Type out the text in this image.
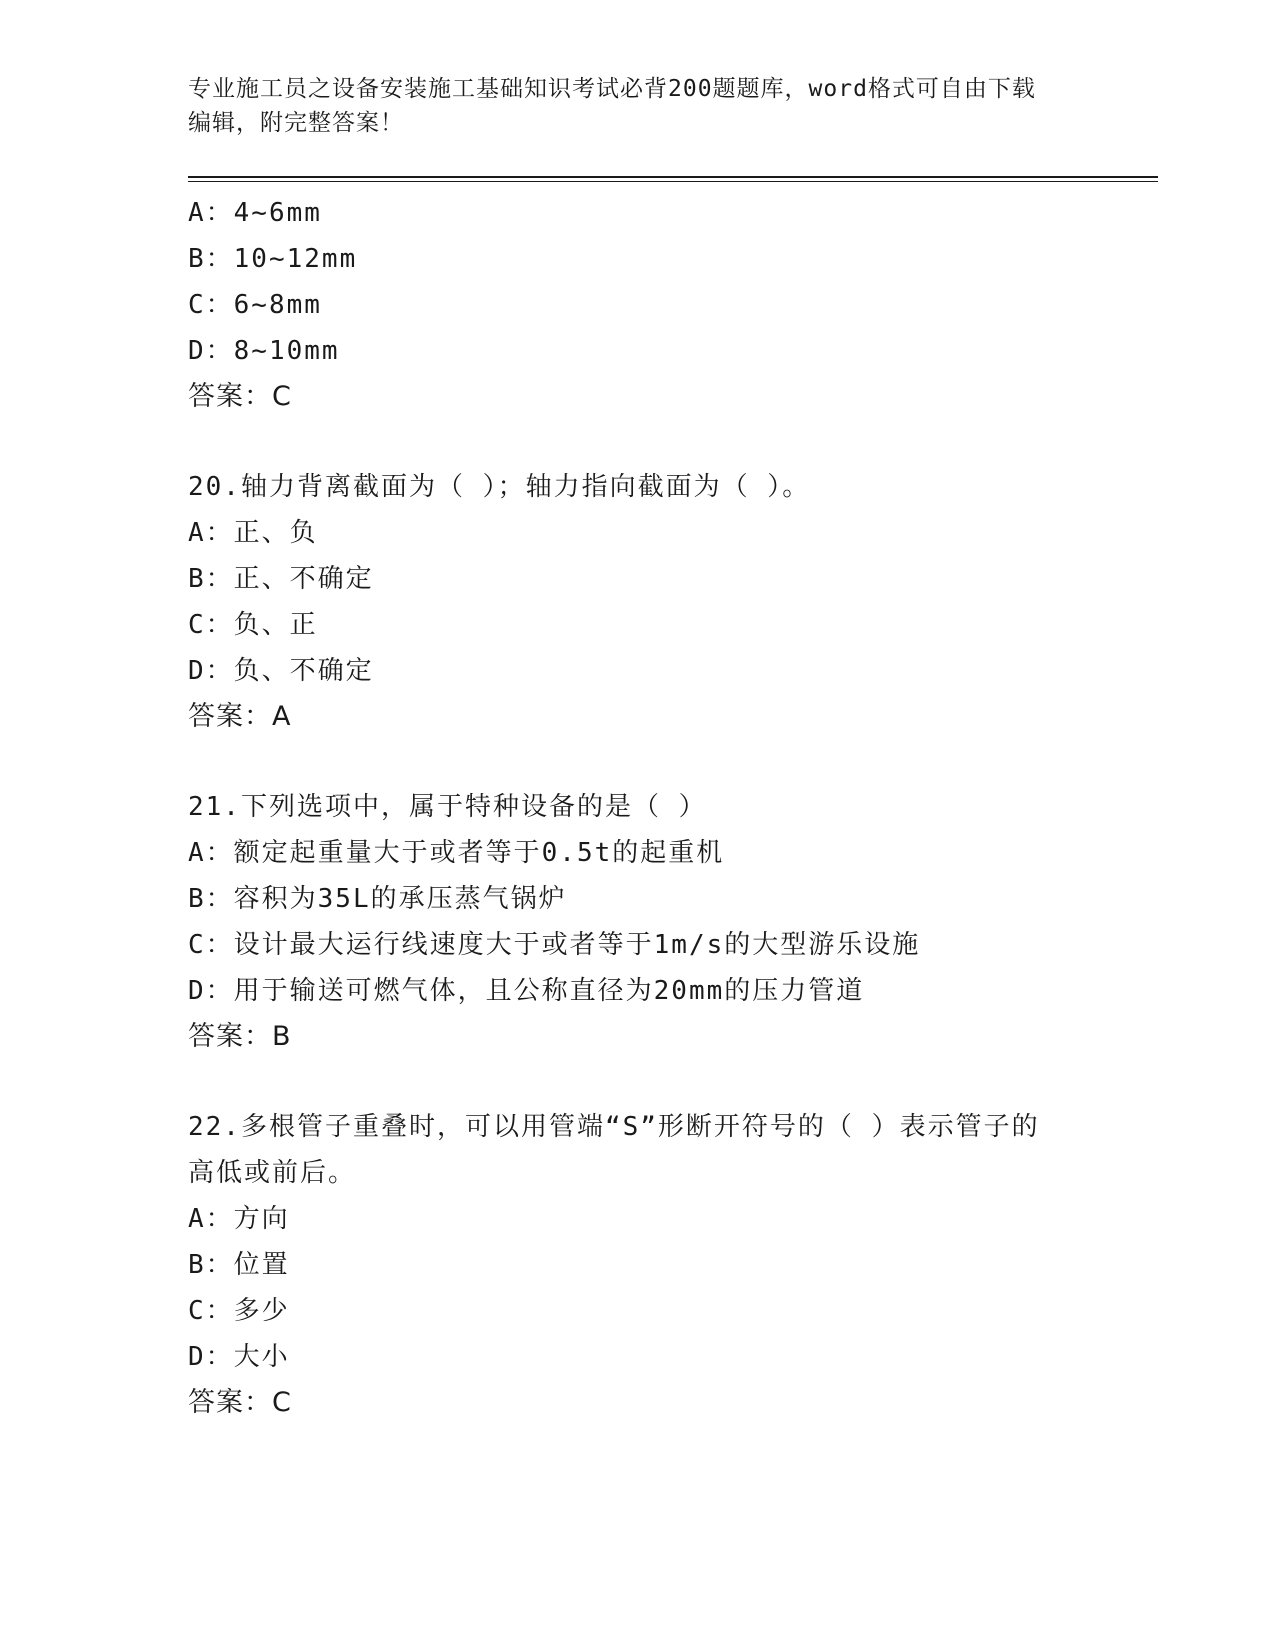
专业施工员之设备安装施工基础知识考试必背200题题库，word格式可自由下载
编辑，附完整答案！
A：4~6mm
B：10~12mm
C：6~8mm
D：8~10mm
答案：C
20.轴力背离截面为（ ）；轴力指向截面为（ ）。
A：正、负
B：正、不确定
C：负、正
D：负、不确定
答案：A
21.下列选项中，属于特种设备的是（ ）
A：额定起重量大于或者等于0.5t的起重机
B：容积为35L的承压蒸气锅炉
C：设计最大运行线速度大于或者等于1m/s的大型游乐设施
D：用于输送可燃气体，且公称直径为20mm的压力管道
答案：B
22.多根管子重叠时，可以用管端“S”形断开符号的（ ）表示管子的
高低或前后。
A：方向
B：位置
C：多少
D：大小
答案：C
